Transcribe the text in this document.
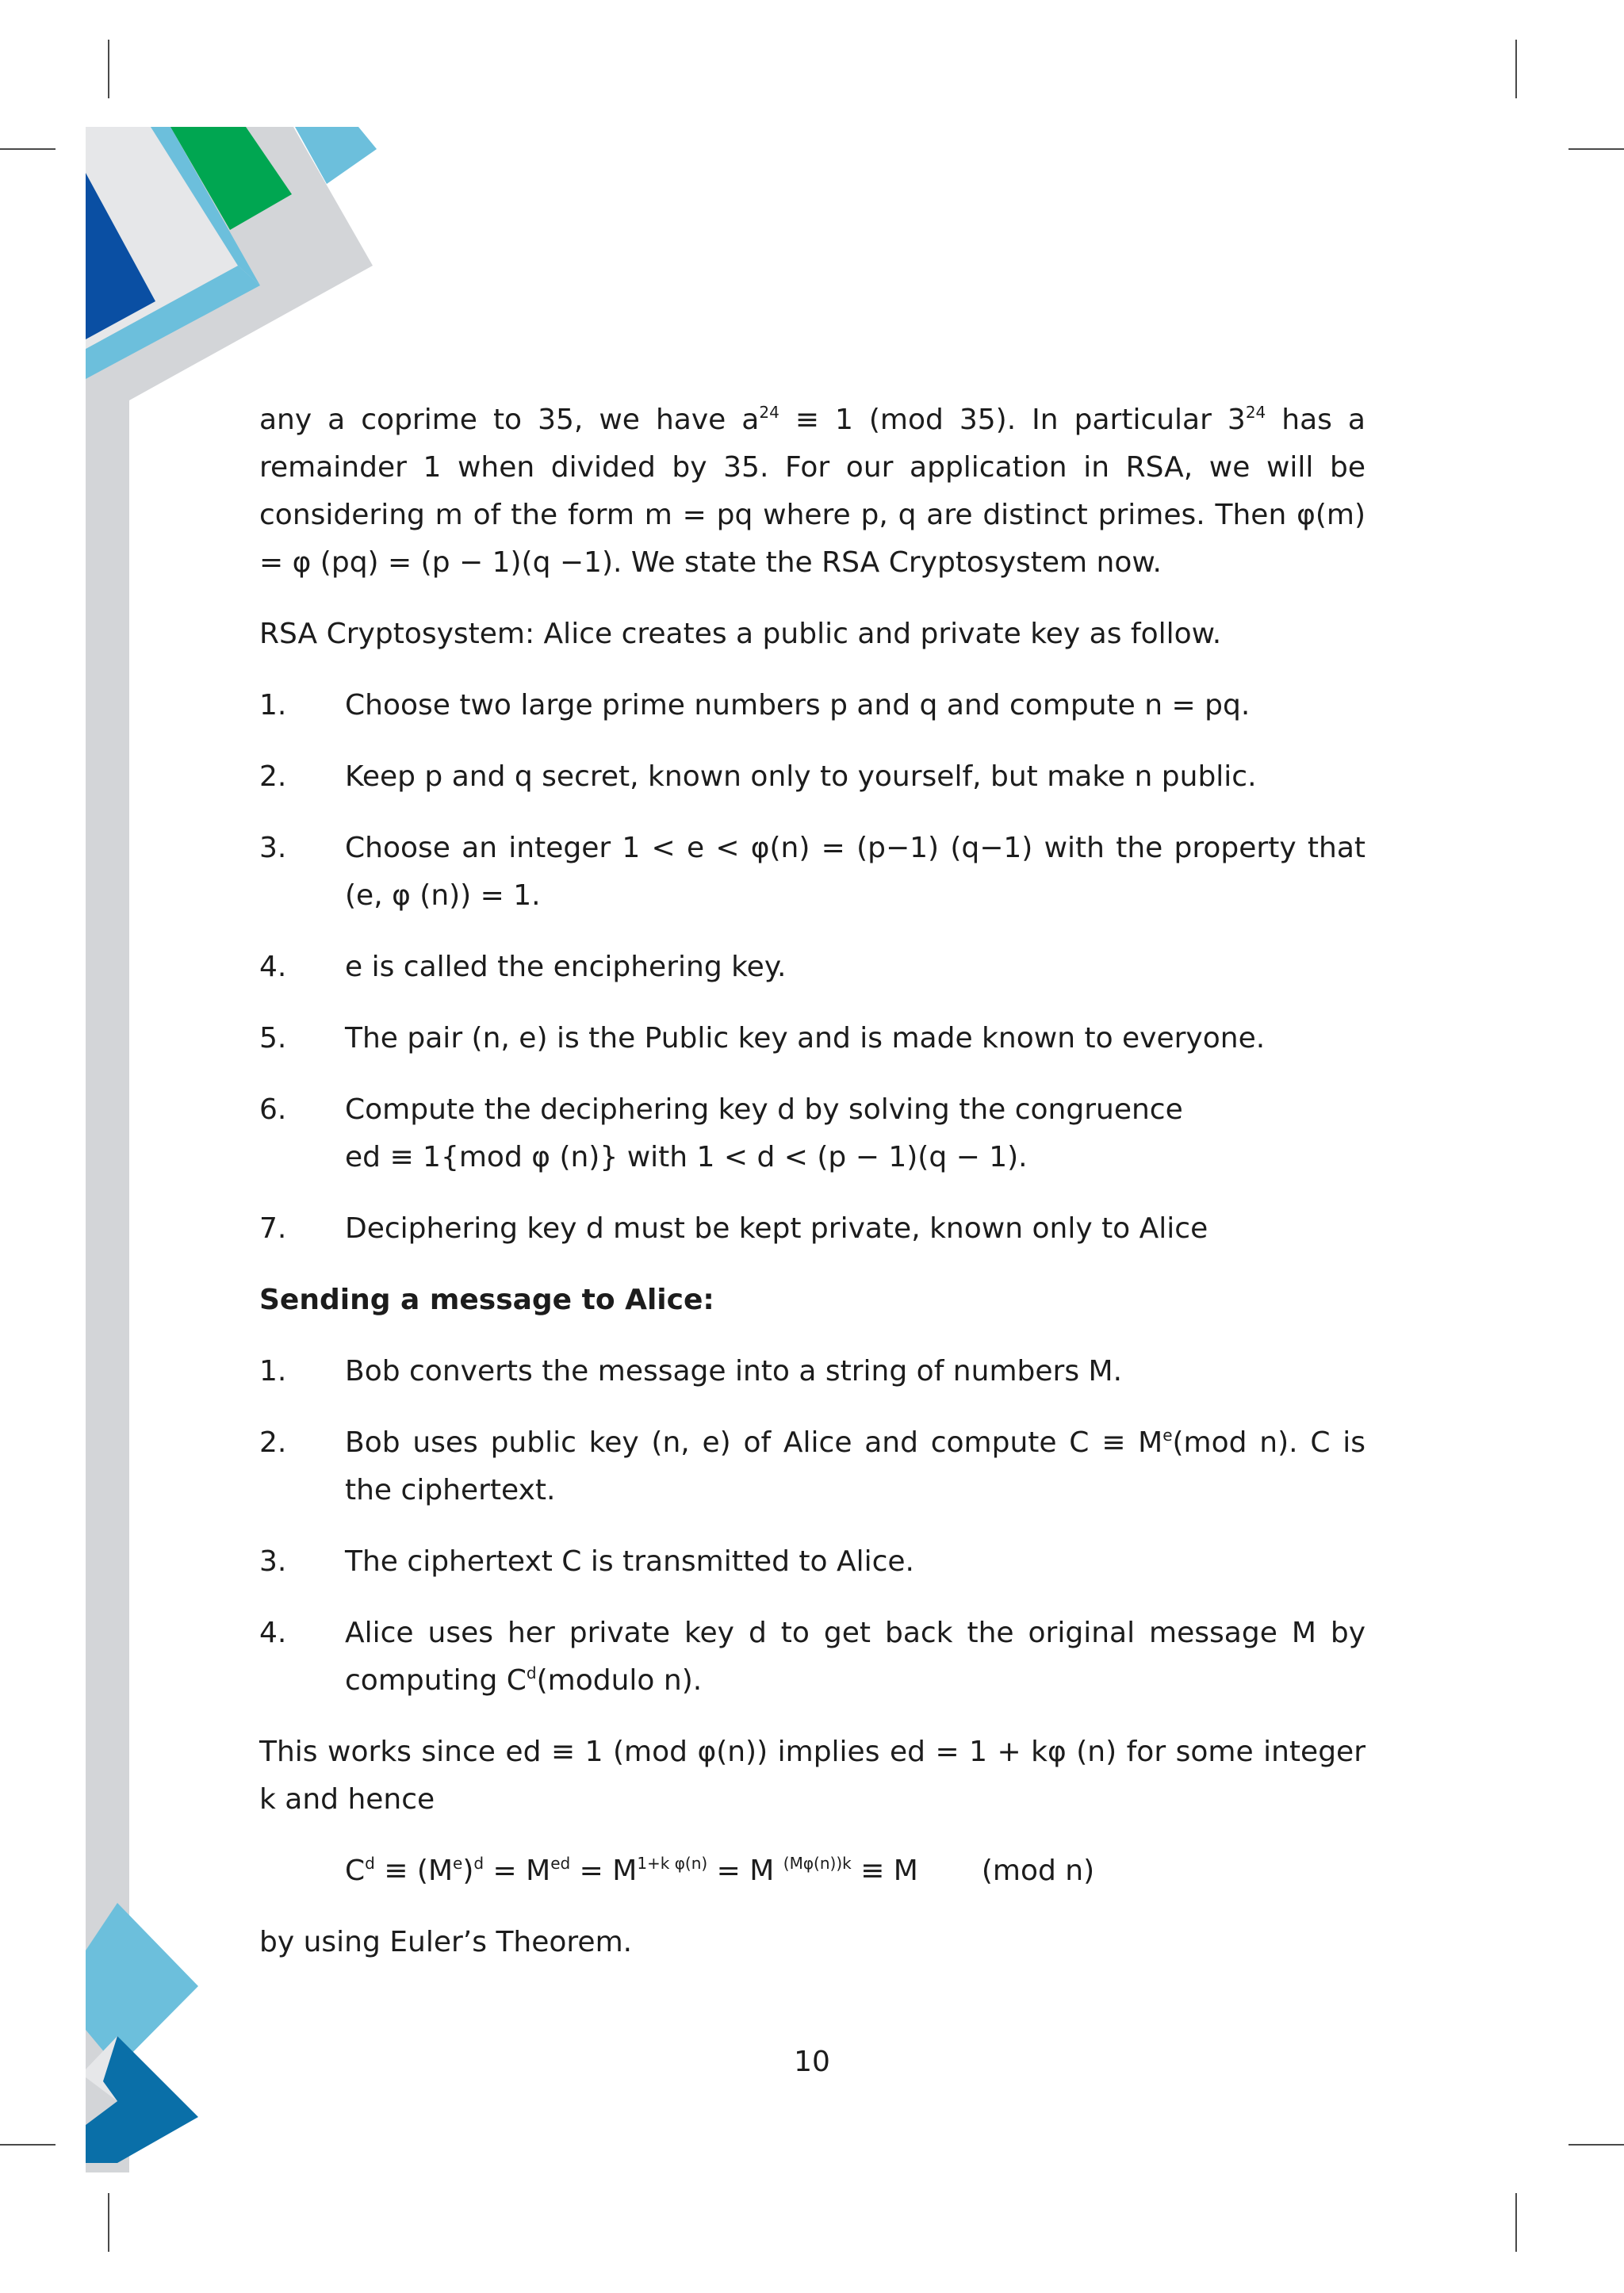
any a coprime to 35, we have $a^{24} \equiv 1$ (mod 35). In particular $3^{24}$ has a remainder 1 when divided by 35. For our application in RSA, we will be considering m of the form m = pq where p, q are distinct primes. Then φ(m) = φ (pq) = (p − 1)(q −1). We state the RSA Cryptosystem now.

RSA Cryptosystem: Alice creates a public and private key as follow.

1.	Choose two large prime numbers p and q and compute n = pq.
2.	Keep p and q secret, known only to yourself, but make n public.
3.	Choose an integer 1 < e < φ(n) = (p−1) (q−1) with the property that (e, φ (n)) = 1.
4.	e is called the enciphering key.
5.	The pair (n, e) is the Public key and is made known to everyone.
6.	Compute the deciphering key d by solving the congruence
ed ≡ 1{mod φ (n)} with 1 < d < (p − 1)(q − 1).
7.	Deciphering key d must be kept private, known only to Alice

Sending a message to Alice:

1.	Bob converts the message into a string of numbers M.
2.	Bob uses public key (n, e) of Alice and compute $C \equiv M^e(mod$ n). C is the ciphertext.
3.	The ciphertext C is transmitted to Alice.
4.	Alice uses her private key d to get back the original message M by computing $C^d(modulo$ n).

This works since ed ≡ 1 (mod φ(n)) implies ed = 1 + kφ (n) for some integer k and hence

$C^d \equiv (M^e)^d = M^{ed} = M^{1+k \varphi(n)} = M$ $^{(M\varphi(n))k}$ ≡ M (mod n)

by using Euler’s Theorem.

10
